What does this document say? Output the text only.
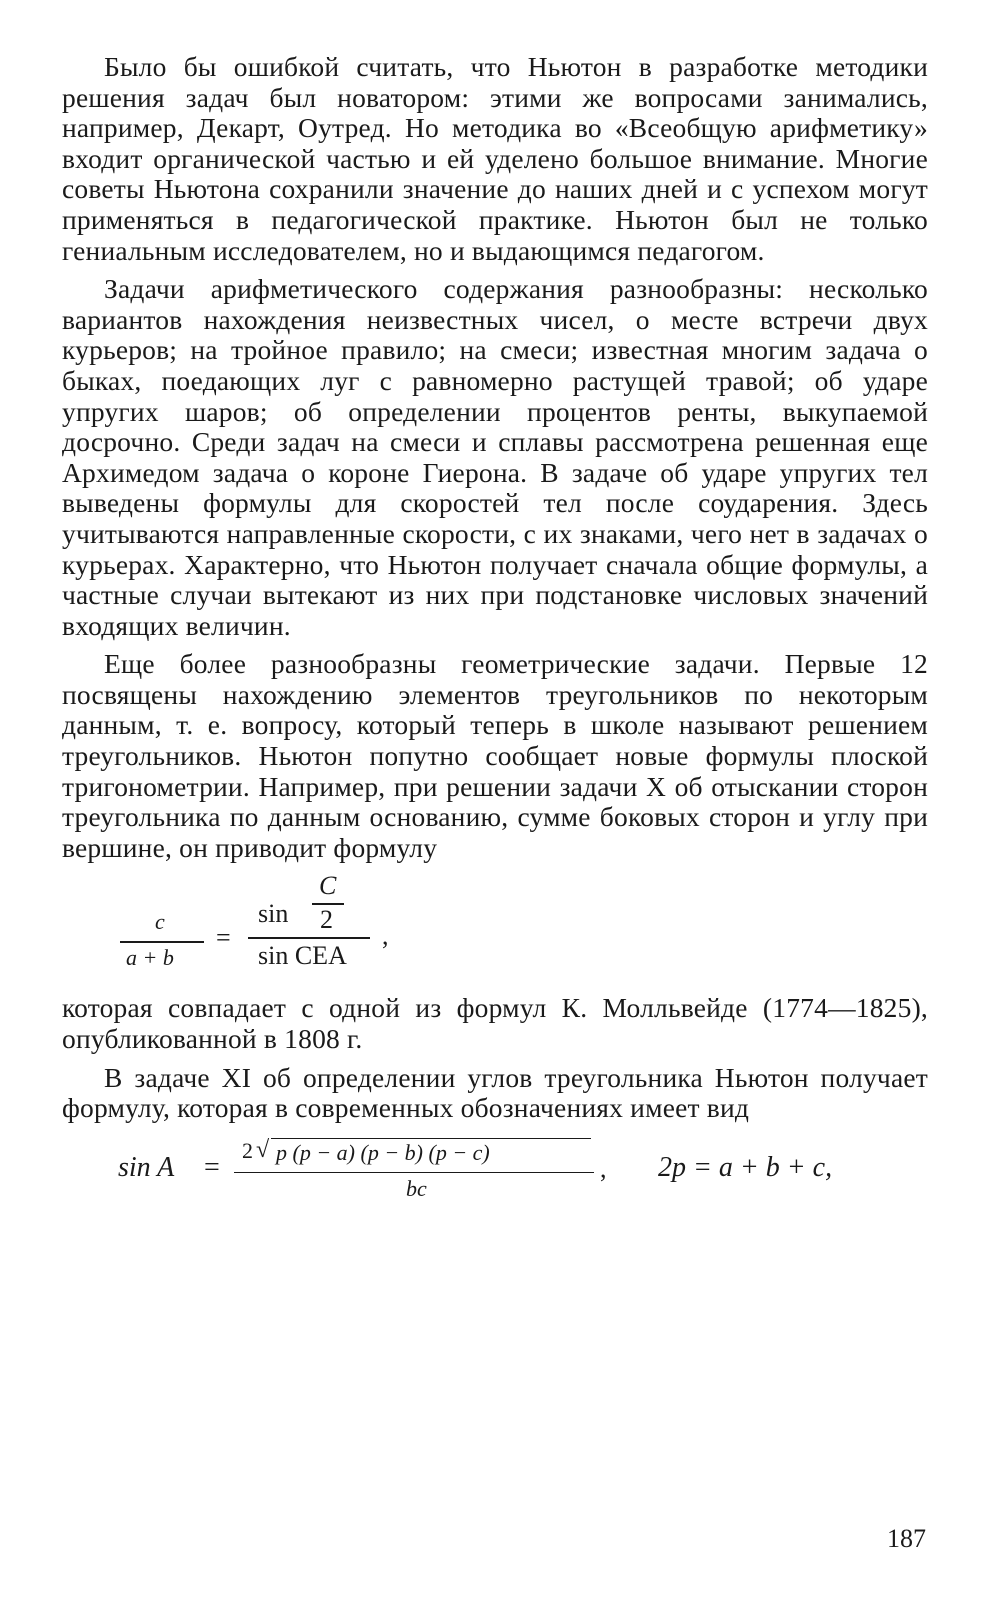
Было бы ошибкой считать, что Ньютон в разработке методики решения задач был новатором: этими же вопросами занимались, например, Декарт, Оутред. Но методика во «Всеобщую арифметику» входит органической частью и ей уделено большое внимание. Многие советы Ньютона сохранили значение до наших дней и с успехом могут применяться в педагогической практике. Ньютон был не только гениальным исследователем, но и выдающимся педагогом.

Задачи арифметического содержания разнообразны: несколько вариантов нахождения неизвестных чисел, о месте встречи двух курьеров; на тройное правило; на смеси; известная многим задача о быках, поедающих луг с равномерно растущей травой; об ударе упругих шаров; об определении процентов ренты, выкупаемой досрочно. Среди задач на смеси и сплавы рассмотрена решенная еще Архимедом задача о короне Гиерона. В задаче об ударе упругих тел выведены формулы для скоростей тел после соударения. Здесь учитываются направленные скорости, с их знаками, чего нет в задачах о курьерах. Характерно, что Ньютон получает сначала общие формулы, а частные случаи вытекают из них при подстановке числовых значений входящих величин.

Еще более разнообразны геометрические задачи. Первые 12 посвящены нахождению элементов треугольников по некоторым данным, т. е. вопросу, который теперь в школе называют решением треугольников. Ньютон попутно сообщает новые формулы плоской тригонометрии. Например, при решении задачи X об отыскании сторон треугольника по данным основанию, сумме боковых сторон и углу при вершине, он приводит формулу

c
a + b
=
sin
C
2
sin CEA
,

которая совпадает с одной из формул К. Молльвейде (1774—1825), опубликованной в 1808 г.

В задаче XI об определении углов треугольника Ньютон получает формулу, которая в современных обозначениях имеет вид

sin A =
2 √ p (p − a) (p − b) (p − c)
bc
, 2p = a + b + c,
187
